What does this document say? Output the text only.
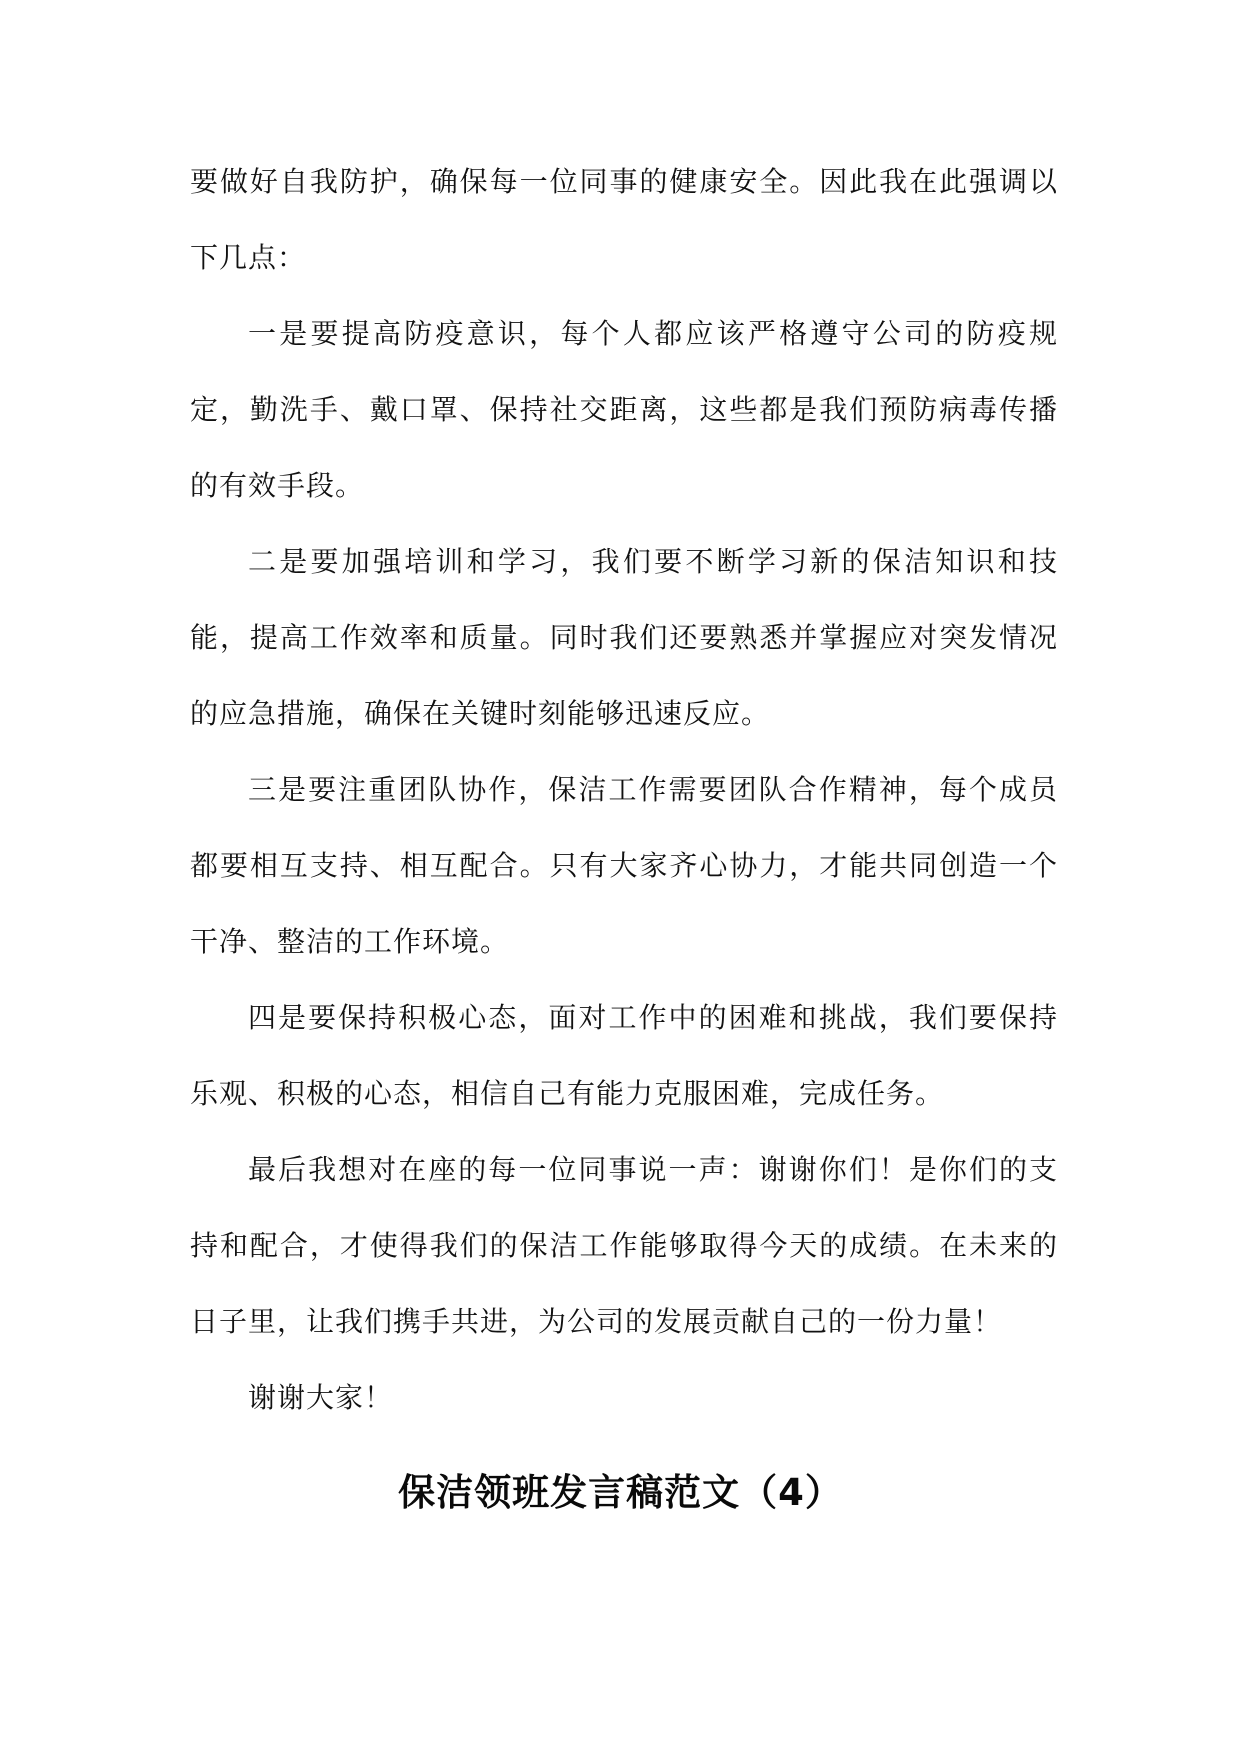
要做好自我防护，确保每一位同事的健康安全。因此我在此强调以下几点：

一是要提高防疫意识，每个人都应该严格遵守公司的防疫规定，勤洗手、戴口罩、保持社交距离，这些都是我们预防病毒传播的有效手段。

二是要加强培训和学习，我们要不断学习新的保洁知识和技能，提高工作效率和质量。同时我们还要熟悉并掌握应对突发情况的应急措施，确保在关键时刻能够迅速反应。

三是要注重团队协作，保洁工作需要团队合作精神，每个成员都要相互支持、相互配合。只有大家齐心协力，才能共同创造一个干净、整洁的工作环境。

四是要保持积极心态，面对工作中的困难和挑战，我们要保持乐观、积极的心态，相信自己有能力克服困难，完成任务。

最后我想对在座的每一位同事说一声：谢谢你们！是你们的支持和配合，才使得我们的保洁工作能够取得今天的成绩。在未来的日子里，让我们携手共进，为公司的发展贡献自己的一份力量！

谢谢大家！

保洁领班发言稿范文（4）
